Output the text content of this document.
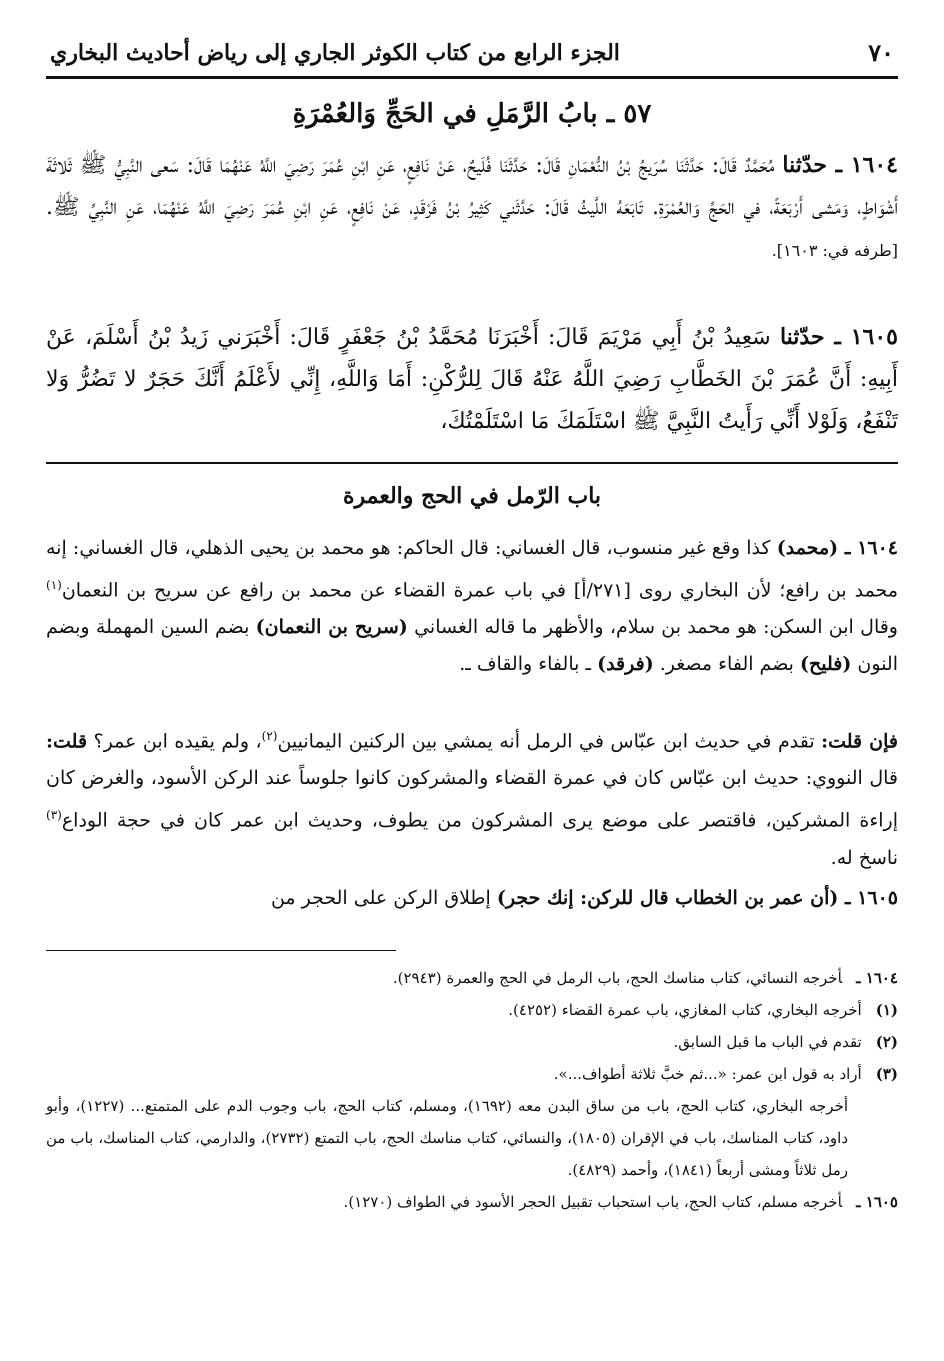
٧٠
الجزء الرابع من كتاب الكوثر الجاري إلى رياض أحاديث البخاري
٥٧ ـ بابُ الرَّمَلِ في الحَجِّ وَالعُمْرَةِ
١٦٠٤ ـ حدّثنا مُحَمَّدٌ قَالَ: حَدَّثَنَا سُرَيجُ بْنُ النُّعْمَانِ قَالَ: حَدَّثَنَا فُلَيحٌ، عَنْ نَافِعٍ، عَنِ ابْنِ عُمَرَ رَضِيَ اللَّهُ عَنْهُمَا قَالَ: سَعى النَّبِيُّ ﷺ ثَلاثَةَ أَشْوَاطٍ، وَمَشى أَرْبَعَةً، في الحَجِّ وَالعُمْرَةِ. تَابَعَهُ اللَّيثُ قَالَ: حَدَّثَني كَثِيرُ بْنُ فَرْقَدٍ، عَنْ نَافِعٍ، عَنِ ابْنِ عُمَرَ رَضِيَ اللَّهُ عَنْهُمَا، عَنِ النَّبِيِّ ﷺ. [طرفه في: ١٦٠٣].
١٦٠٥ ـ حدّثنا سَعِيدُ بْنُ أَبِي مَرْيَمَ قَالَ: أَخْبَرَنَا مُحَمَّدُ بْنُ جَعْفَرٍ قَالَ: أَخْبَرَني زَيدُ بْنُ أَسْلَمَ، عَنْ أَبِيهِ: أَنَّ عُمَرَ بْنَ الخَطَّابِ رَضِيَ اللَّهُ عَنْهُ قَالَ لِلرُّكْنِ: أَمَا وَاللَّهِ، إِنِّي لأَعْلَمُ أَنَّكَ حَجَرٌ لا تَضُرُّ وَلا تَنْفَعُ، وَلَوْلا أَنِّي رَأَيتُ النَّبِيَّ ﷺ اسْتَلَمَكَ مَا اسْتَلَمْتُكَ،
باب الرّمل في الحج والعمرة
١٦٠٤ ـ (محمد) كذا وقع غير منسوب، قال الغساني: قال الحاكم: هو محمد بن يحيى الذهلي، قال الغساني: إنه محمد بن رافع؛ لأن البخاري روى [٢٧١/أ] في باب عمرة القضاء عن محمد بن رافع عن سريح بن النعمان$^{(١)}$ وقال ابن السكن: هو محمد بن سلام، والأظهر ما قاله الغساني (سريح بن النعمان) بضم السين المهملة وبضم النون (فليح) بضم الفاء مصغر. (فرقد) ـ بالفاء والقاف ـ.
فإن قلت: تقدم في حديث ابن عبّاس في الرمل أنه يمشي بين الركنين اليمانيين$^{(٢)}$، ولم يقيده ابن عمر؟ قلت: قال النووي: حديث ابن عبّاس كان في عمرة القضاء والمشركون كانوا جلوساً عند الركن الأسود، والغرض كان إراءة المشركين، فاقتصر على موضع يرى المشركون من يطوف، وحديث ابن عمر كان في حجة الوداع$^{(٣)}$ ناسخ له.
١٦٠٥ ـ (أن عمر بن الخطاب قال للركن: إنك حجر) إطلاق الركن على الحجر من

١٦٠٤ ـأخرجه النسائي، كتاب مناسك الحج، باب الرمل في الحج والعمرة (٢٩٤٣).

(١)أخرجه البخاري، كتاب المغازي، باب عمرة القضاء (٤٢٥٢).

(٢)تقدم في الباب ما قبل السابق.

(٣)أراد به قول ابن عمر: «...ثم خبَّ ثلاثة أطواف...».

أخرجه البخاري، كتاب الحج، باب من ساق البدن معه (١٦٩٢)، ومسلم، كتاب الحج، باب وجوب الدم على المتمتع... (١٢٢٧)، وأبو داود، كتاب المناسك، باب في الإقران (١٨٠٥)، والنسائي، كتاب مناسك الحج، باب التمتع (٢٧٣٢)، والدارمي، كتاب المناسك، باب من رمل ثلاثاً ومشى أربعاً (١٨٤١)، وأحمد (٤٨٢٩).

١٦٠٥ ـأخرجه مسلم، كتاب الحج، باب استحباب تقبيل الحجر الأسود في الطواف (١٢٧٠).
